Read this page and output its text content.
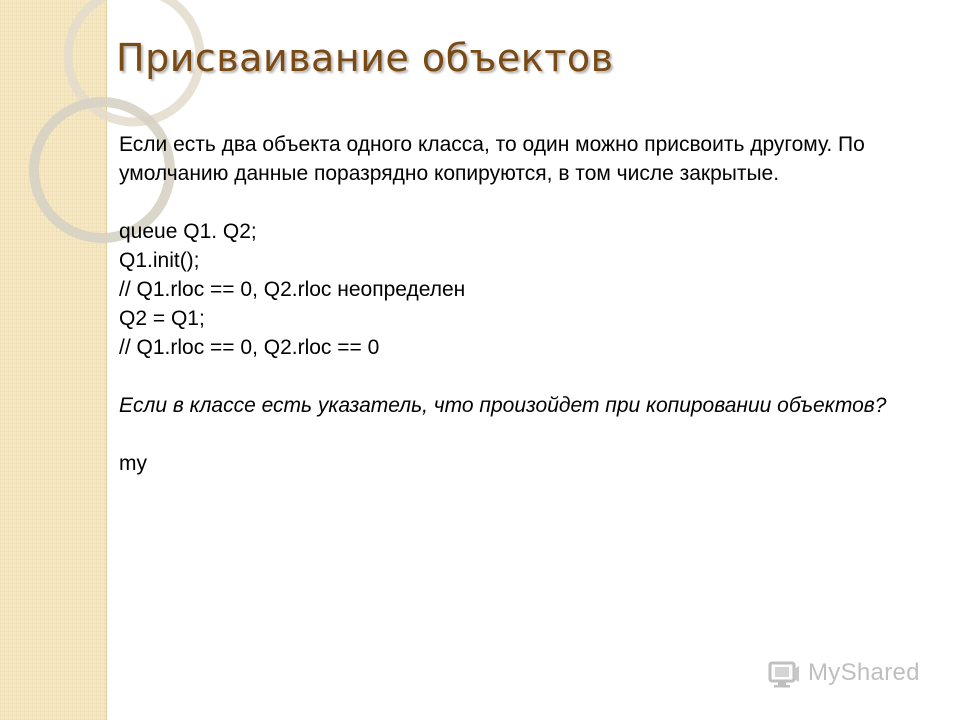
Присваивание объектов

Если есть два объекта одного класса, то один можно присвоить другому. По умолчанию данные поразрядно копируются, в том числе закрытые.

queue Q1. Q2;

Q1.init();

// Q1.rloc == 0, Q2.rloc неопределен

Q2 = Q1;

// Q1.rloc == 0, Q2.rloc == 0

Если в классе есть указатель, что произойдет при копировании объектов?

my

MyShared
